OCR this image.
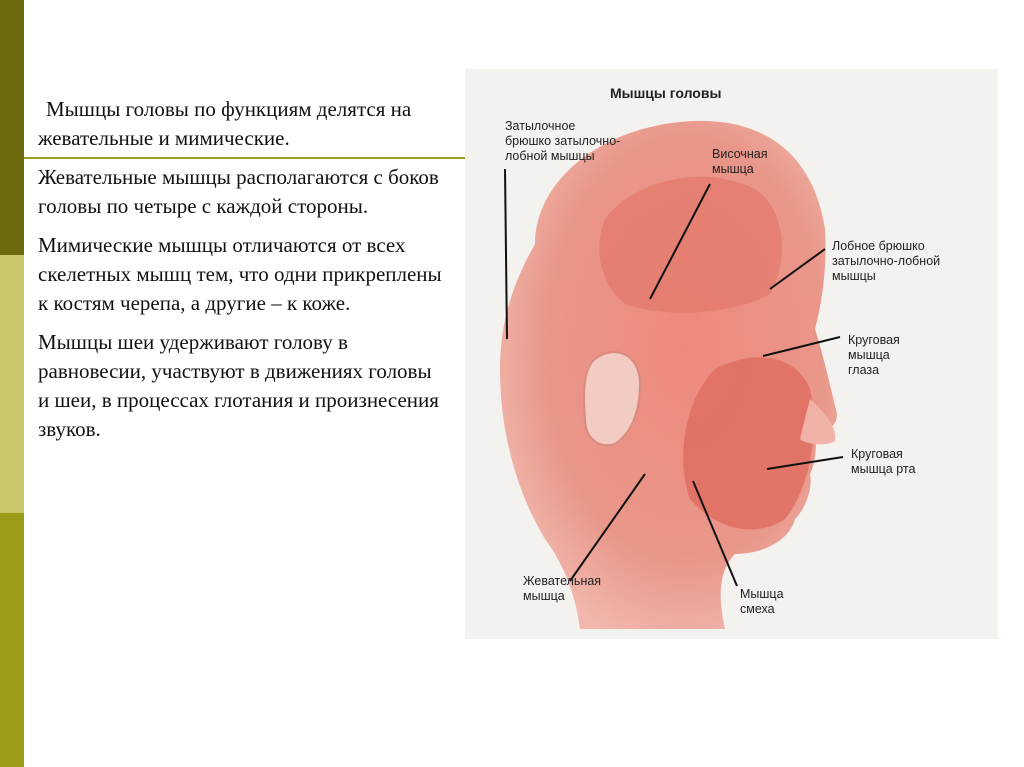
Мышцы головы по функциям делятся на жевательные и мимические.

Жевательные мышцы располагаются с боков головы по четыре с каждой стороны.

Мимические мышцы отличаются от всех скелетных мышц тем, что одни прикреплены к костям черепа, а другие – к коже.

Мышцы шеи удерживают голову в равновесии, участвуют в движениях головы и шеи, в процессах глотания и произнесения звуков.

Мышцы головы
Затылочное
брюшко затылочно-
лобной мышцы	Височная
мышца
Лобное брюшко
затылочно-лобной
мышцы
Круговая
мышца
глаза
Круговая
мышца рта
Жевательная
мышца	Мышца
смеха
